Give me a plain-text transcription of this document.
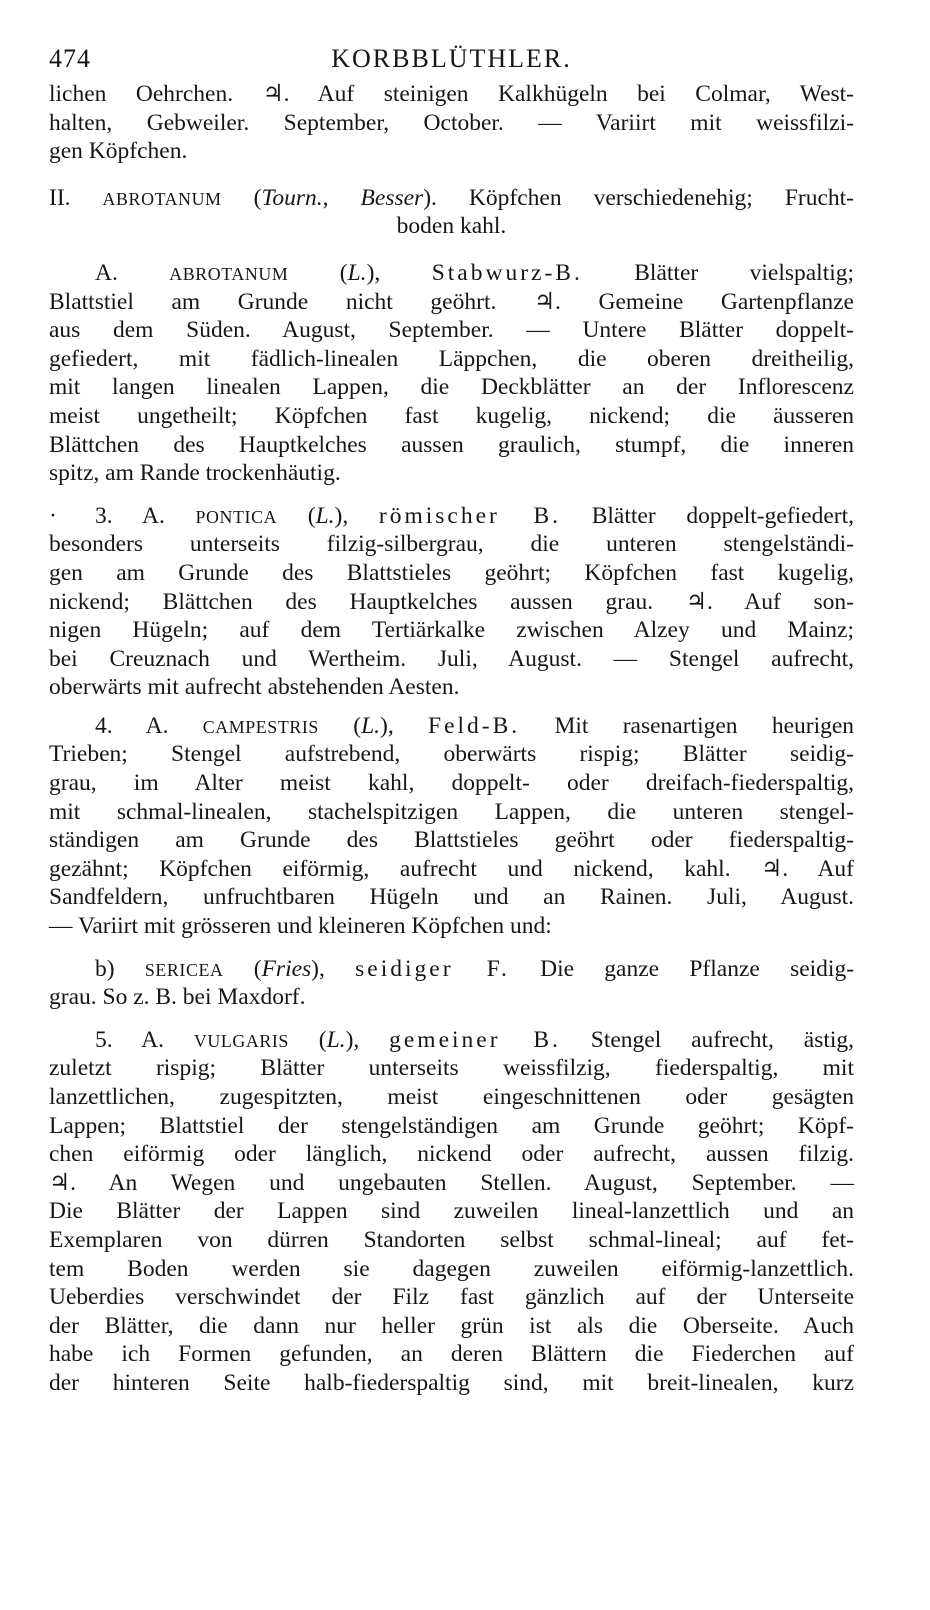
474	KORBBLÜTHLER.
lichen Oehrchen. ♃. Auf steinigen Kalkhügeln bei Colmar, West-
halten, Gebweiler. September, October. — Variirt mit weissfilzi-
gen Köpfchen.
II. ABROTANUM (Tourn., Besser). Köpfchen verschiedenehig; Frucht-
boden kahl.
A.	ABROTANUM (L.), Stabwurz-B. Blätter vielspaltig;
Blattstiel am Grunde nicht geöhrt. ♃. Gemeine Gartenpflanze
aus dem Süden. August, September. — Untere Blätter doppelt-
gefiedert, mit fädlich-linealen Läppchen, die oberen dreitheilig,
mit langen linealen Lappen, die Deckblätter an der Inflorescenz
meist ungetheilt; Köpfchen fast kugelig, nickend; die äusseren
Blättchen des Hauptkelches aussen graulich, stumpf, die inneren
spitz, am Rande trockenhäutig.
· 3. A. PONTICA (L.), römischer B. Blätter doppelt-gefiedert,
besonders unterseits filzig-silbergrau, die unteren stengelständi-
gen am Grunde des Blattstieles geöhrt; Köpfchen fast kugelig,
nickend; Blättchen des Hauptkelches aussen grau. ♃. Auf son-
nigen Hügeln; auf dem Tertiärkalke zwischen Alzey und Mainz;
bei Creuznach und Wertheim. Juli, August. — Stengel aufrecht,
oberwärts mit aufrecht abstehenden Aesten.
4. A. CAMPESTRIS (L.), Feld-B. Mit rasenartigen heurigen
Trieben; Stengel aufstrebend, oberwärts rispig; Blätter seidig-
grau, im Alter meist kahl, doppelt- oder dreifach-fiederspaltig,
mit schmal-linealen, stachelspitzigen Lappen, die unteren stengel-
ständigen am Grunde des Blattstieles geöhrt oder fiederspaltig-
gezähnt; Köpfchen eiförmig, aufrecht und nickend, kahl. ♃. Auf
Sandfeldern, unfruchtbaren Hügeln und an Rainen. Juli, August.
— Variirt mit grösseren und kleineren Köpfchen und:
b) SERICEA (Fries), seidiger F. Die ganze Pflanze seidig-
grau. So z. B. bei Maxdorf.
5. A. VULGARIS (L.), gemeiner B. Stengel aufrecht, ästig,
zuletzt rispig; Blätter unterseits weissfilzig, fiederspaltig, mit
lanzettlichen, zugespitzten, meist eingeschnittenen oder gesägten
Lappen; Blattstiel der stengelständigen am Grunde geöhrt; Köpf-
chen eiförmig oder länglich, nickend oder aufrecht, aussen filzig.
♃. An Wegen und ungebauten Stellen. August, September. —
Die Blätter der Lappen sind zuweilen lineal-lanzettlich und an
Exemplaren von dürren Standorten selbst schmal-lineal; auf fet-
tem Boden werden sie dagegen zuweilen eiförmig-lanzettlich.
Ueberdies verschwindet der Filz fast gänzlich auf der Unterseite
der Blätter, die dann nur heller grün ist als die Oberseite. Auch
habe ich Formen gefunden, an deren Blättern die Fiederchen auf
der hinteren Seite halb-fiederspaltig sind, mit breit-linealen, kurz
